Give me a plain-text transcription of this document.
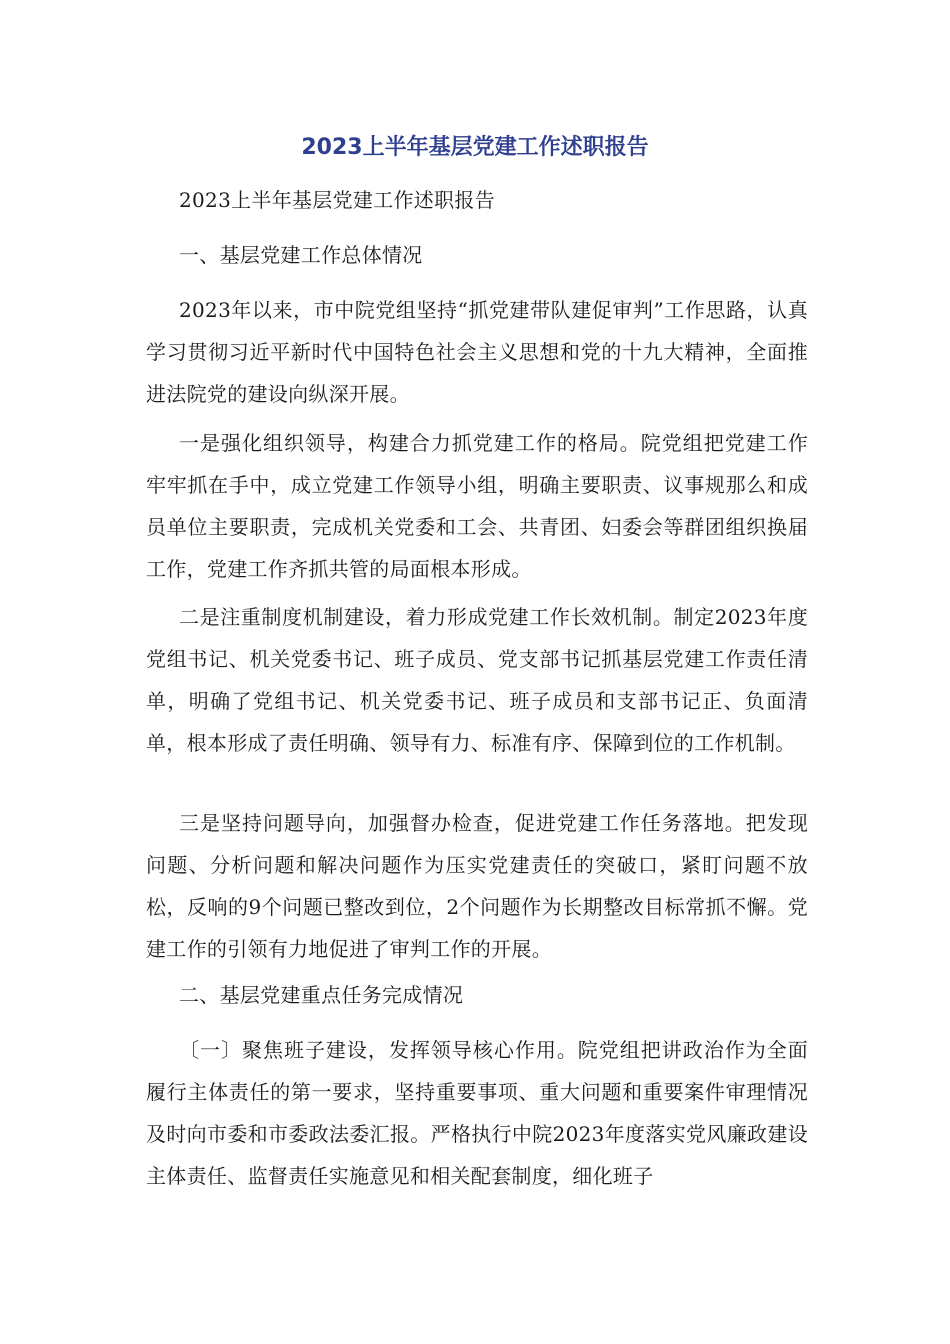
2023上半年基层党建工作述职报告

2023上半年基层党建工作述职报告

一、基层党建工作总体情况

2023年以来，市中院党组坚持“抓党建带队建促审判”工作思路，认真学习贯彻习近平新时代中国特色社会主义思想和党的十九大精神，全面推进法院党的建设向纵深开展。

一是强化组织领导，构建合力抓党建工作的格局。院党组把党建工作牢牢抓在手中，成立党建工作领导小组，明确主要职责、议事规那么和成员单位主要职责，完成机关党委和工会、共青团、妇委会等群团组织换届工作，党建工作齐抓共管的局面根本形成。

二是注重制度机制建设，着力形成党建工作长效机制。制定2023年度党组书记、机关党委书记、班子成员、党支部书记抓基层党建工作责任清单，明确了党组书记、机关党委书记、班子成员和支部书记正、负面清单，根本形成了责任明确、领导有力、标准有序、保障到位的工作机制。

三是坚持问题导向，加强督办检查，促进党建工作任务落地。把发现问题、分析问题和解决问题作为压实党建责任的突破口，紧盯问题不放松，反响的9个问题已整改到位，2个问题作为长期整改目标常抓不懈。党建工作的引领有力地促进了审判工作的开展。

二、基层党建重点任务完成情况

〔一〕聚焦班子建设，发挥领导核心作用。院党组把讲政治作为全面履行主体责任的第一要求，坚持重要事项、重大问题和重要案件审理情况及时向市委和市委政法委汇报。严格执行中院2023年度落实党风廉政建设主体责任、监督责任实施意见和相关配套制度，细化班子
